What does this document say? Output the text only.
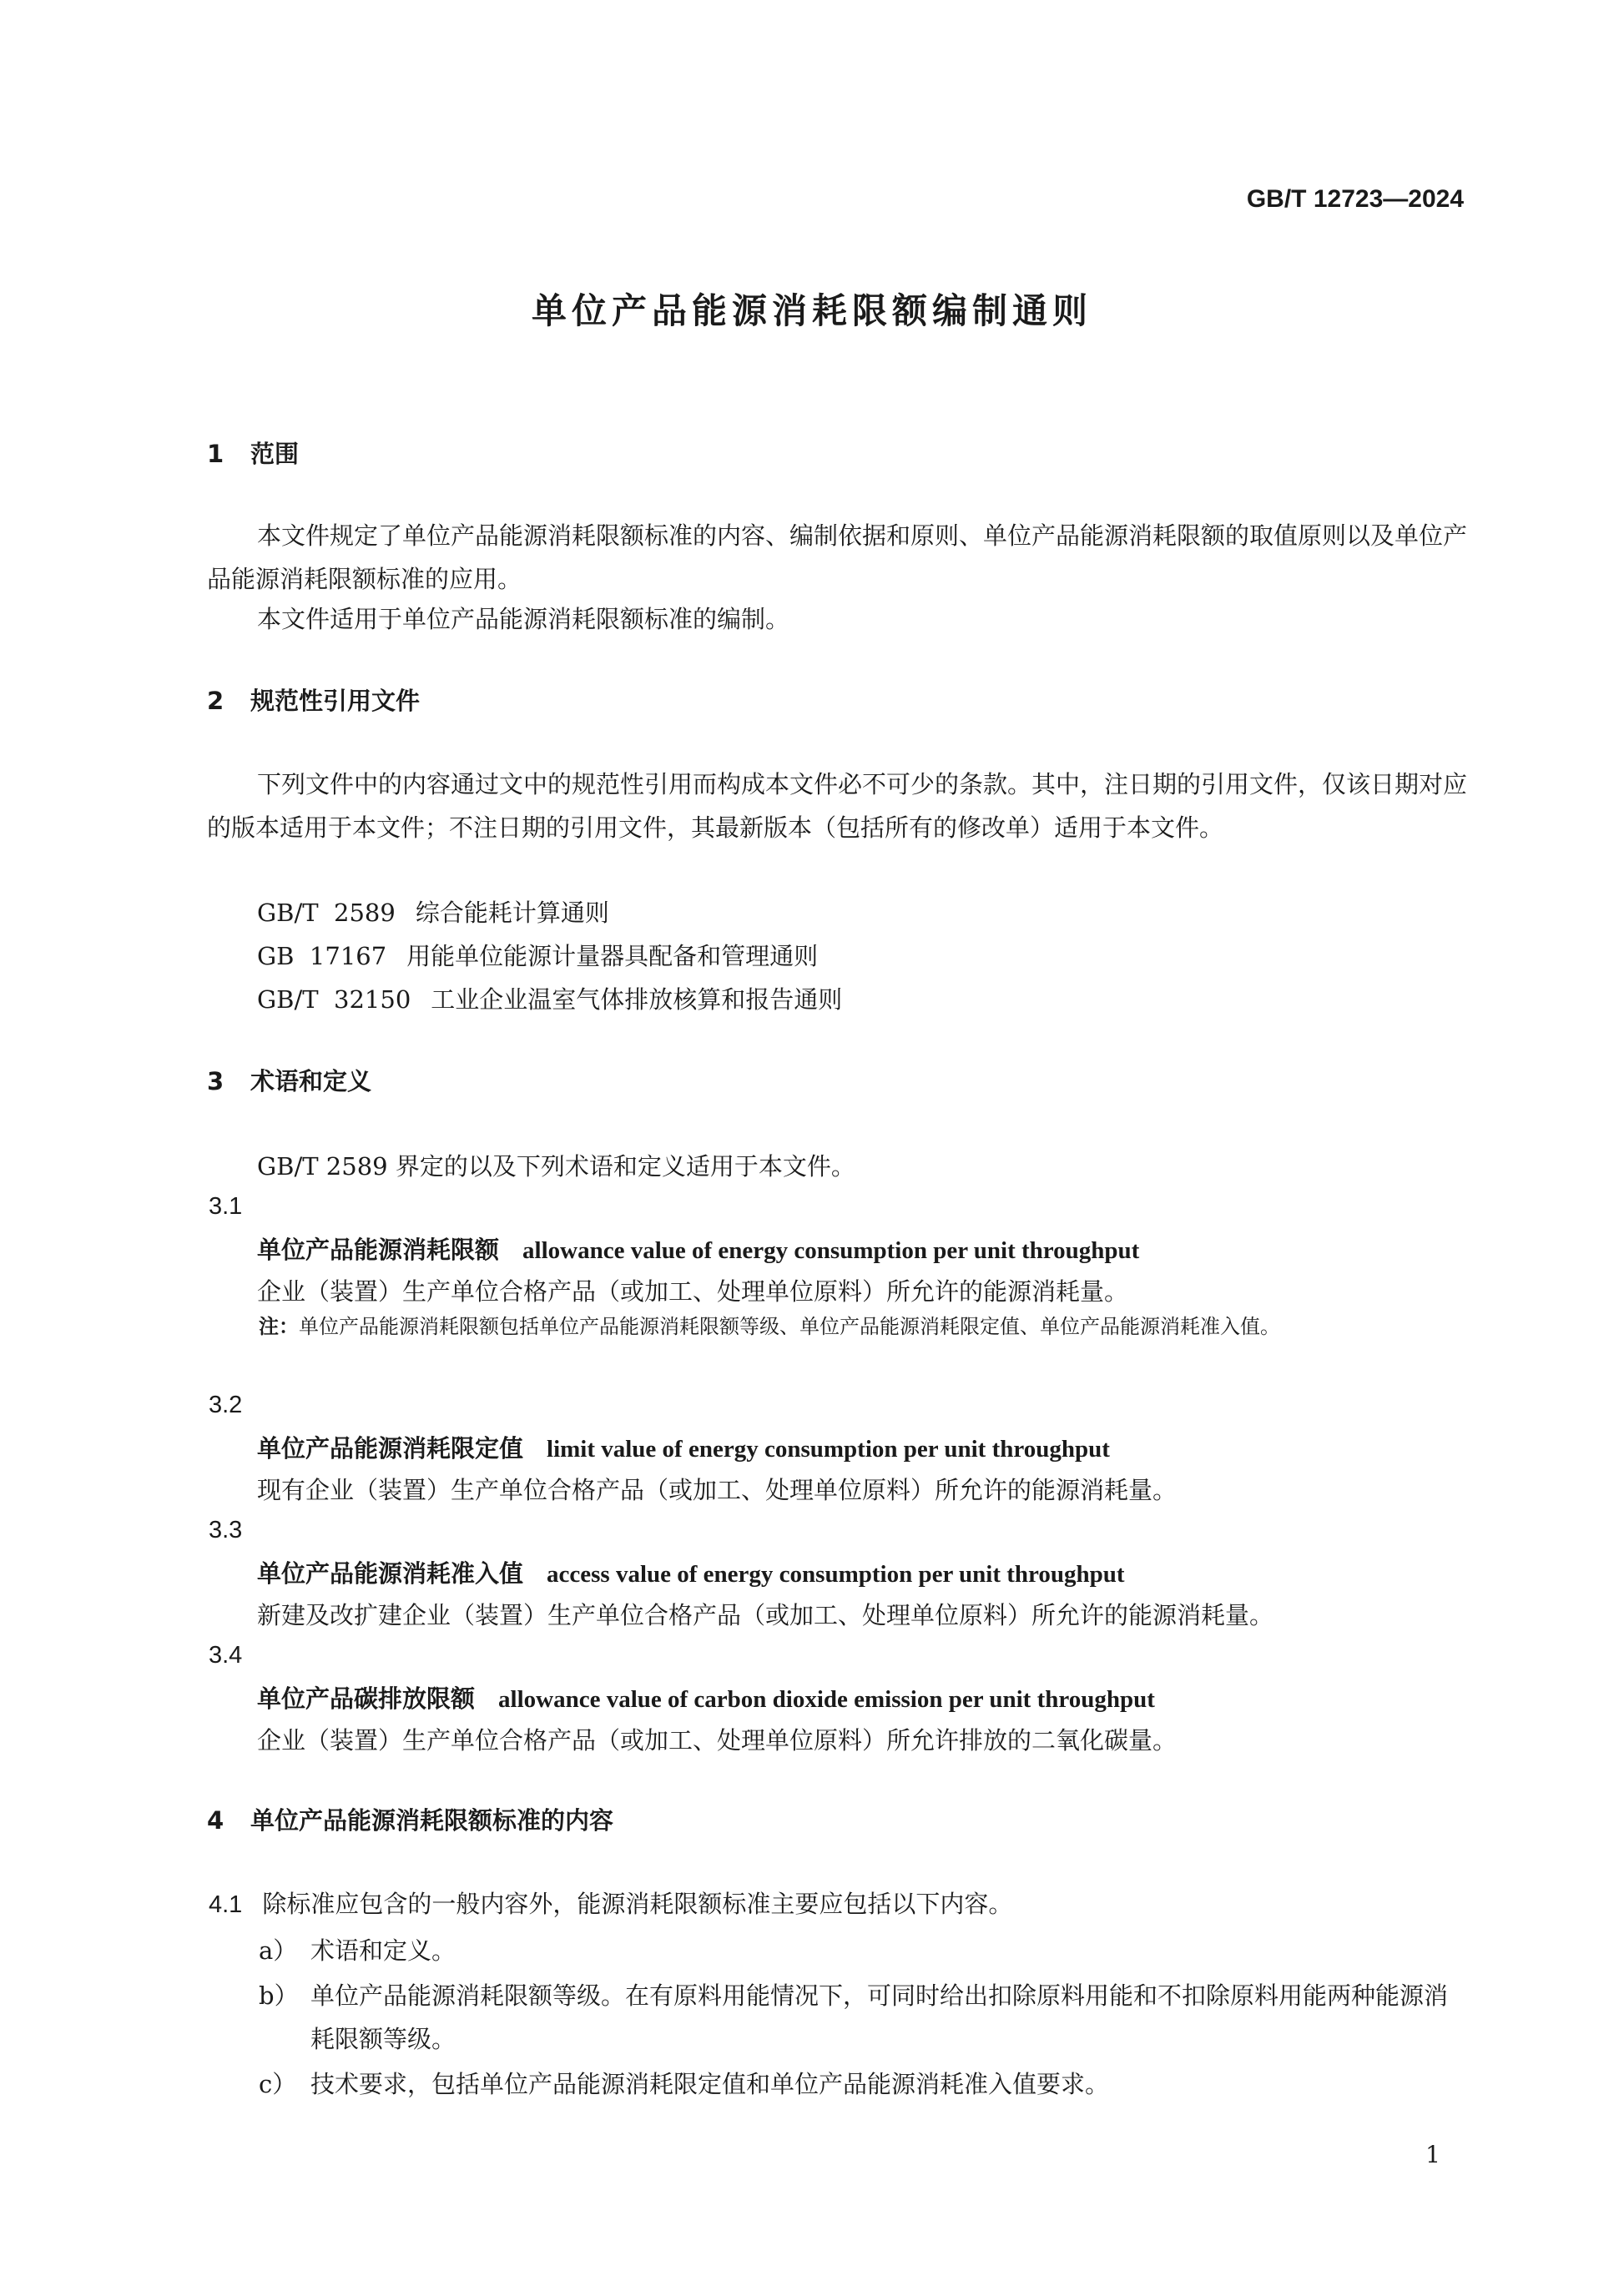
GB/T 12723—2024
单位产品能源消耗限额编制通则
1 范围
本文件规定了单位产品能源消耗限额标准的内容、编制依据和原则、单位产品能源消耗限额的取值原则以及单位产品能源消耗限额标准的应用。
本文件适用于单位产品能源消耗限额标准的编制。
2 规范性引用文件
下列文件中的内容通过文中的规范性引用而构成本文件必不可少的条款。其中，注日期的引用文件，仅该日期对应的版本适用于本文件；不注日期的引用文件，其最新版本（包括所有的修改单）适用于本文件。
GB/T  2589 综合能耗计算通则
GB  17167 用能单位能源计量器具配备和管理通则
GB/T  32150 工业企业温室气体排放核算和报告通则
3 术语和定义
GB/T 2589 界定的以及下列术语和定义适用于本文件。
3.1
单位产品能源消耗限额 allowance value of energy consumption per unit throughput
企业（装置）生产单位合格产品（或加工、处理单位原料）所允许的能源消耗量。
注：单位产品能源消耗限额包括单位产品能源消耗限额等级、单位产品能源消耗限定值、单位产品能源消耗准入值。
3.2
单位产品能源消耗限定值 limit value of energy consumption per unit throughput
现有企业（装置）生产单位合格产品（或加工、处理单位原料）所允许的能源消耗量。
3.3
单位产品能源消耗准入值 access value of energy consumption per unit throughput
新建及改扩建企业（装置）生产单位合格产品（或加工、处理单位原料）所允许的能源消耗量。
3.4
单位产品碳排放限额 allowance value of carbon dioxide emission per unit throughput
企业（装置）生产单位合格产品（或加工、处理单位原料）所允许排放的二氧化碳量。
4 单位产品能源消耗限额标准的内容
4.1 除标准应包含的一般内容外，能源消耗限额标准主要应包括以下内容。
a） 术语和定义。
b） 单位产品能源消耗限额等级。在有原料用能情况下，可同时给出扣除原料用能和不扣除原料用能两种能源消耗限额等级。
c） 技术要求，包括单位产品能源消耗限定值和单位产品能源消耗准入值要求。
1
